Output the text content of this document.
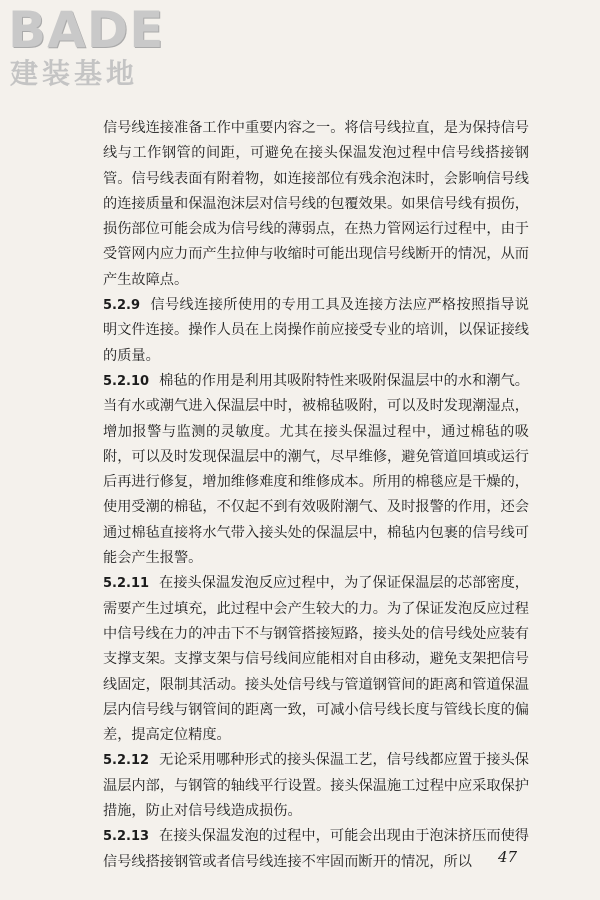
BADE
建装基地

信号线连接准备工作中重要内容之一。将信号线拉直，是为保持信号线与工作钢管的间距，可避免在接头保温发泡过程中信号线搭接钢管。信号线表面有附着物，如连接部位有残余泡沫时，会影响信号线的连接质量和保温泡沫层对信号线的包覆效果。如果信号线有损伤，损伤部位可能会成为信号线的薄弱点，在热力管网运行过程中，由于受管网内应力而产生拉伸与收缩时可能出现信号线断开的情况，从而产生故障点。

5.2.9 信号线连接所使用的专用工具及连接方法应严格按照指导说明文件连接。操作人员在上岗操作前应接受专业的培训，以保证接线的质量。

5.2.10 棉毡的作用是利用其吸附特性来吸附保温层中的水和潮气。当有水或潮气进入保温层中时，被棉毡吸附，可以及时发现潮湿点，增加报警与监测的灵敏度。尤其在接头保温过程中，通过棉毡的吸附，可以及时发现保温层中的潮气，尽早维修，避免管道回填或运行后再进行修复，增加维修难度和维修成本。所用的棉毯应是干燥的，使用受潮的棉毡，不仅起不到有效吸附潮气、及时报警的作用，还会通过棉毡直接将水气带入接头处的保温层中，棉毡内包裹的信号线可能会产生报警。

5.2.11 在接头保温发泡反应过程中，为了保证保温层的芯部密度，需要产生过填充，此过程中会产生较大的力。为了保证发泡反应过程中信号线在力的冲击下不与钢管搭接短路，接头处的信号线处应装有支撑支架。支撑支架与信号线间应能相对自由移动，避免支架把信号线固定，限制其活动。接头处信号线与管道钢管间的距离和管道保温层内信号线与钢管间的距离一致，可减小信号线长度与管线长度的偏差，提高定位精度。

5.2.12 无论采用哪种形式的接头保温工艺，信号线都应置于接头保温层内部，与钢管的轴线平行设置。接头保温施工过程中应采取保护措施，防止对信号线造成损伤。

5.2.13 在接头保温发泡的过程中，可能会出现由于泡沫挤压而使得信号线搭接钢管或者信号线连接不牢固而断开的情况，所以	47
